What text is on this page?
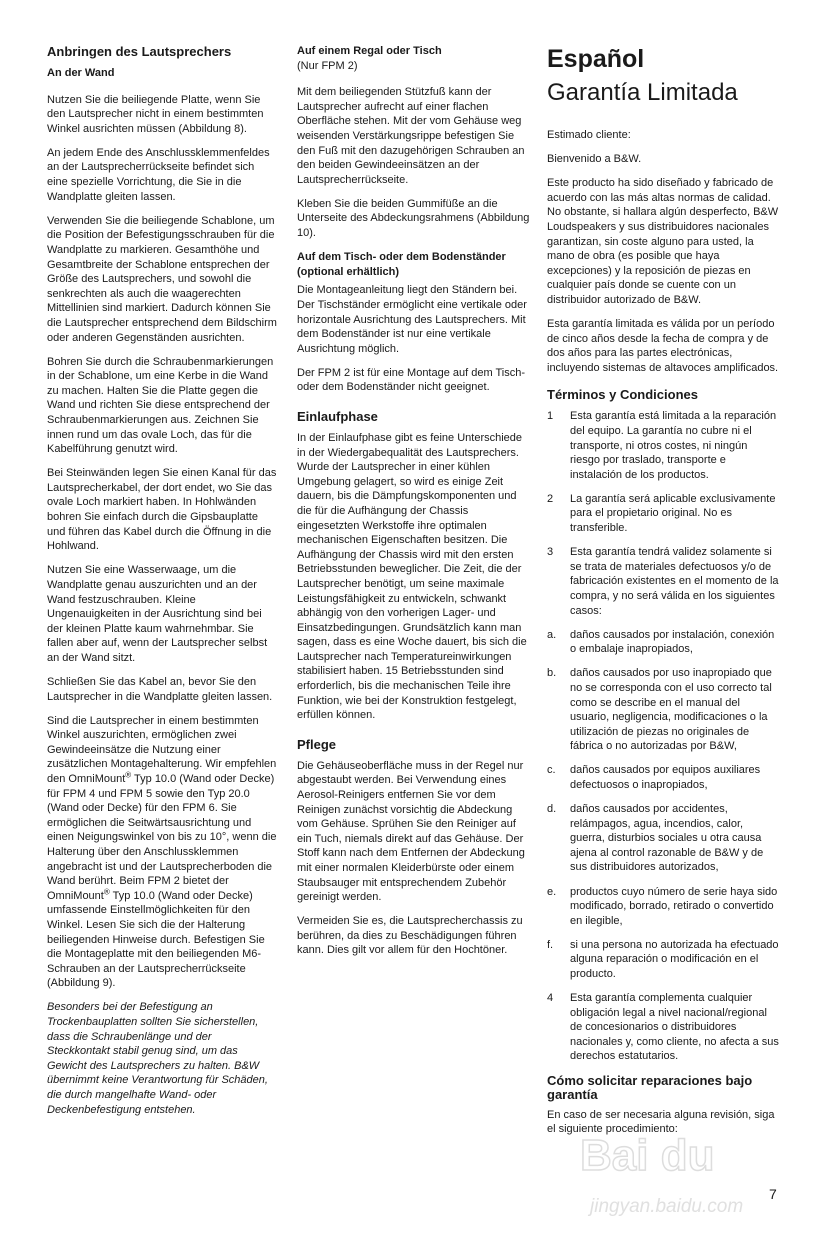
Anbringen des Lautsprechers
An der Wand

Nutzen Sie die beiliegende Platte, wenn Sie den Lautsprecher nicht in einem bestimmten Winkel ausrichten müssen (Abbildung 8).

An jedem Ende des Anschlussklemmenfeldes an der Lautsprecherrückseite befindet sich eine spezielle Vorrichtung, die Sie in die Wandplatte gleiten lassen.

Verwenden Sie die beiliegende Schablone, um die Position der Befestigungsschrauben für die Wandplatte zu markieren. Gesamthöhe und Gesamtbreite der Schablone entsprechen der Größe des Lautsprechers, und sowohl die senkrechten als auch die waagerechten Mittellinien sind markiert. Dadurch können Sie die Lautsprecher entsprechend dem Bildschirm oder anderen Gegenständen ausrichten.

Bohren Sie durch die Schraubenmarkierungen in der Schablone, um eine Kerbe in die Wand zu machen. Halten Sie die Platte gegen die Wand und richten Sie diese entsprechend der Schraubenmarkierungen aus. Zeichnen Sie innen rund um das ovale Loch, das für die Kabelführung genutzt wird.

Bei Steinwänden legen Sie einen Kanal für das Lautsprecherkabel, der dort endet, wo Sie das ovale Loch markiert haben. In Hohlwänden bohren Sie einfach durch die Gipsbauplatte und führen das Kabel durch die Öffnung in die Hohlwand.

Nutzen Sie eine Wasserwaage, um die Wandplatte genau auszurichten und an der Wand festzuschrauben. Kleine Ungenauigkeiten in der Ausrichtung sind bei der kleinen Platte kaum wahrnehmbar. Sie fallen aber auf, wenn der Lautsprecher selbst an der Wand sitzt.

Schließen Sie das Kabel an, bevor Sie den Lautsprecher in die Wandplatte gleiten lassen.

Sind die Lautsprecher in einem bestimmten Winkel auszurichten, ermöglichen zwei Gewindeeinsätze die Nutzung einer zusätzlichen Montagehalterung. Wir empfehlen den OmniMount® Typ 10.0 (Wand oder Decke) für FPM 4 und FPM 5 sowie den Typ 20.0 (Wand oder Decke) für den FPM 6. Sie ermöglichen die Seitwärtsausrichtung und einen Neigungswinkel von bis zu 10°, wenn die Halterung über den Anschlussklemmen angebracht ist und der Lautsprecherboden die Wand berührt. Beim FPM 2 bietet der OmniMount® Typ 10.0 (Wand oder Decke) umfassende Einstellmöglichkeiten für den Winkel. Lesen Sie sich die der Halterung beiliegenden Hinweise durch. Befestigen Sie die Montageplatte mit den beiliegenden M6-Schrauben an der Lautsprecherrückseite (Abbildung 9).

Besonders bei der Befestigung an Trockenbauplatten sollten Sie sicherstellen, dass die Schraubenlänge und der Steckkontakt stabil genug sind, um das Gewicht des Lautsprechers zu halten. B&W übernimmt keine Verantwortung für Schäden, die durch mangelhafte Wand- oder Deckenbefestigung entstehen.

Auf einem Regal oder Tisch

(Nur FPM 2)

Mit dem beiliegenden Stützfuß kann der Lautsprecher aufrecht auf einer flachen Oberfläche stehen. Mit der vom Gehäuse weg weisenden Verstärkungsrippe befestigen Sie den Fuß mit den dazugehörigen Schrauben an den beiden Gewindeeinsätzen an der Lautsprecherrückseite.

Kleben Sie die beiden Gummifüße an die Unterseite des Abdeckungsrahmens (Abbildung 10).

Auf dem Tisch- oder dem Bodenständer (optional erhältlich)

Die Montageanleitung liegt den Ständern bei. Der Tischständer ermöglicht eine vertikale oder horizontale Ausrichtung des Lautsprechers. Mit dem Bodenständer ist nur eine vertikale Ausrichtung möglich.

Der FPM 2 ist für eine Montage auf dem Tisch- oder dem Bodenständer nicht geeignet.

Einlaufphase

In der Einlaufphase gibt es feine Unterschiede in der Wiedergabequalität des Lautsprechers. Wurde der Lautsprecher in einer kühlen Umgebung gelagert, so wird es einige Zeit dauern, bis die Dämpfungskomponenten und die für die Aufhängung der Chassis eingesetzten Werkstoffe ihre optimalen mechanischen Eigenschaften besitzen. Die Aufhängung der Chassis wird mit den ersten Betriebsstunden beweglicher. Die Zeit, die der Lautsprecher benötigt, um seine maximale Leistungsfähigkeit zu entwickeln, schwankt abhängig von den vorherigen Lager- und Einsatzbedingungen. Grundsätzlich kann man sagen, dass es eine Woche dauert, bis sich die Lautsprecher nach Temperatureinwirkungen stabilisiert haben. 15 Betriebsstunden sind erforderlich, bis die mechanischen Teile ihre Funktion, wie bei der Konstruktion festgelegt, erfüllen können.

Pflege

Die Gehäuseoberfläche muss in der Regel nur abgestaubt werden. Bei Verwendung eines Aerosol-Reinigers entfernen Sie vor dem Reinigen zunächst vorsichtig die Abdeckung vom Gehäuse. Sprühen Sie den Reiniger auf ein Tuch, niemals direkt auf das Gehäuse. Der Stoff kann nach dem Entfernen der Abdeckung mit einer normalen Kleiderbürste oder einem Staubsauger mit entsprechendem Zubehör gereinigt werden.

Vermeiden Sie es, die Lautsprecherchassis zu berühren, da dies zu Beschädigungen führen kann. Dies gilt vor allem für den Hochtöner.

Español
Garantía Limitada

Estimado cliente:

Bienvenido a B&W.

Este producto ha sido diseñado y fabricado de acuerdo con las más altas normas de calidad. No obstante, si hallara algún desperfecto, B&W Loudspeakers y sus distribuidores nacionales garantizan, sin coste alguno para usted, la mano de obra (es posible que haya excepciones) y la reposición de piezas en cualquier país donde se cuente con un distribuidor autorizado de B&W.

Esta garantía limitada es válida por un período de cinco años desde la fecha de compra y de dos años para las partes electrónicas, incluyendo sistemas de altavoces amplificados.

Términos y Condiciones
1	Esta garantía está limitada a la reparación del equipo. La garantía no cubre ni el transporte, ni otros costes, ni ningún riesgo por traslado, transporte e instalación de los productos.
2	La garantía será aplicable exclusivamente para el propietario original. No es transferible.
3	Esta garantía tendrá validez solamente si se trata de materiales defectuosos y/o de fabricación existentes en el momento de la compra, y no será válida en los siguientes casos:
a.	daños causados por instalación, conexión o embalaje inapropiados,
b.	daños causados por uso inapropiado que no se corresponda con el uso correcto tal como se describe en el manual del usuario, negligencia, modificaciones o la utilización de piezas no originales de fábrica o no autorizadas por B&W,
c.	daños causados por equipos auxiliares defectuosos o inapropiados,
d.	daños causados por accidentes, relámpagos, agua, incendios, calor, guerra, disturbios sociales u otra causa ajena al control razonable de B&W y de sus distribuidores autorizados,
e.	productos cuyo número de serie haya sido modificado, borrado, retirado o convertido en ilegible,
f.	si una persona no autorizada ha efectuado alguna reparación o modificación en el producto.
4	Esta garantía complementa cualquier obligación legal a nivel nacional/regional de concesionarios o distribuidores nacionales y, como cliente, no afecta a sus derechos estatutarios.
Cómo solicitar reparaciones bajo garantía

En caso de ser necesaria alguna revisión, siga el siguiente procedimiento:

7
Bai du
jingyan.baidu.com
